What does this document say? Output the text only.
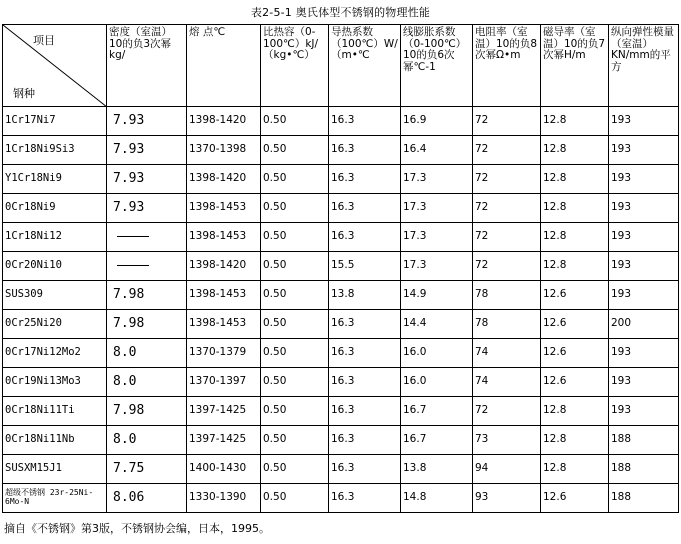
表2-5-1 奥氏体型不锈钢的物理性能
项目
钢种	密度（室温）10的负3次幂kg/	熔 点℃	比热容（0-100℃）kJ/（kg•℃）	导热系数（100℃）W/（m•℃	线膨胀系数（0-100℃）10的负6次幂℃-1	电阻率（室温）10的负8次幂Ω•m	磁导率（室温）10的负7次幂H/m	纵向弹性模量（室温）KN/mm的平方
1Cr17Ni7	7.93	1398-1420	0.50	16.3	16.9	72	12.8	193
1Cr18Ni9Si3	7.93	1370-1398	0.50	16.3	16.4	72	12.8	193
Y1Cr18Ni9	7.93	1398-1420	0.50	16.3	17.3	72	12.8	193
0Cr18Ni9	7.93	1398-1453	0.50	16.3	17.3	72	12.8	193
1Cr18Ni12		1398-1453	0.50	16.3	17.3	72	12.8	193
0Cr20Ni10		1398-1420	0.50	15.5	17.3	72	12.8	193
SUS309	7.98	1398-1453	0.50	13.8	14.9	78	12.6	193
0Cr25Ni20	7.98	1398-1453	0.50	16.3	14.4	78	12.6	200
0Cr17Ni12Mo2	8.0	1370-1379	0.50	16.3	16.0	74	12.6	193
0Cr19Ni13Mo3	8.0	1370-1397	0.50	16.3	16.0	74	12.6	193
0Cr18Ni11Ti	7.98	1397-1425	0.50	16.3	16.7	72	12.8	193
0Cr18Ni11Nb	8.0	1397-1425	0.50	16.3	16.7	73	12.8	188
SUSXM15J1	7.75	1400-1430	0.50	16.3	13.8	94	12.8	188
超级不锈钢 23r-25Ni-6Mo-N	8.06	1330-1390	0.50	16.3	14.8	93	12.6	188
摘自《不锈钢》第3版，不锈钢协会编，日本，1995。
